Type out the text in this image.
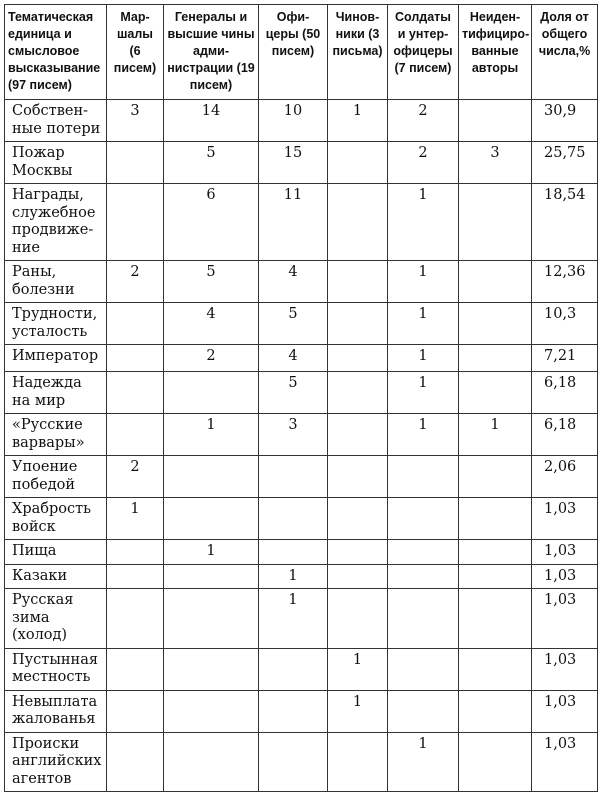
Тематическая единица и смысловое высказывание (97 писем)	Мар-шалы (6 писем)	Генералы и высшие чины адми-нистрации (19 писем)	Офи-церы (50 писем)	Чинов-ники (3 письма)	Солдаты и унтер-офицеры (7 писем)	Неиден-тифициро-ванные авторы	Доля от общего числа,%
Собствен-
ные потери	3	14	10	1	2		30,9
Пожар
Москвы		5	15		2	3	25,75
Награды,
служебное
продвиже-
ние		6	11		1		18,54
Раны,
болезни	2	5	4		1		12,36
Трудности,
усталость		4	5		1		10,3
Император		2	4		1		7,21
Надежда
на мир			5		1		6,18
«Русские
варвары»		1	3		1	1	6,18
Упоение
победой	2						2,06
Храбрость
войск	1						1,03
Пища		1					1,03
Казаки			1				1,03
Русская
зима
(холод)			1				1,03
Пустынная
местность				1			1,03
Невыплата
жалованья				1			1,03
Происки
английских
агентов					1		1,03
